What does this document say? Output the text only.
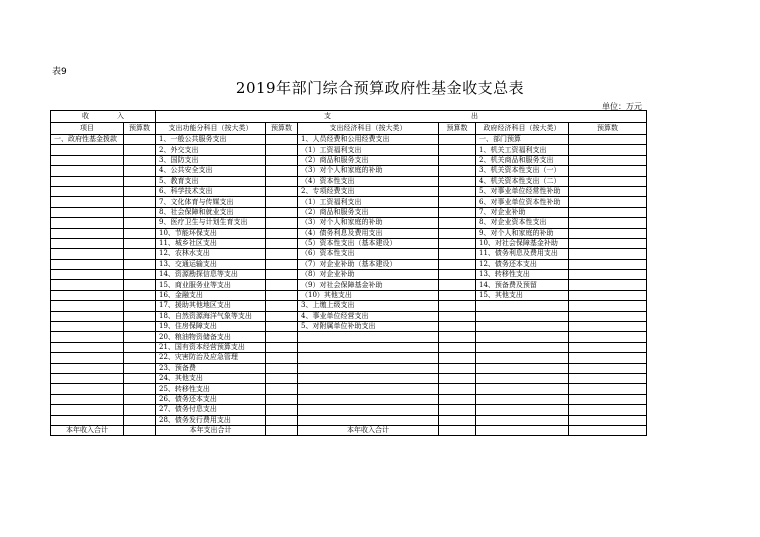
表9
2019年部门综合预算政府性基金收支总表
单位：万元
收　　　　入		支　　　　　　　　　　　　　　　　　　　　出					
项目	预算数	支出功能分科目（按大类）	预算数	支出经济科目（按大类）	预算数	政府经济科目（按大类）	预算数
一、政府性基金拨款		1、一般公共服务支出		1、人员经费和公用经费支出		一、部门预算	
		2、外交支出		（1）工资福利支出		1、机关工资福利支出	
		3、国防支出		（2）商品和服务支出		2、机关商品和服务支出	
		4、公共安全支出		（3）对个人和家庭的补助		3、机关资本性支出（一）	
		5、教育支出		（4）资本性支出		4、机关资本性支出（二）	
		6、科学技术支出		2、专项经费支出		5、对事业单位经常性补助	
		7、文化体育与传媒支出		（1）工资福利支出		6、对事业单位资本性补助	
		8、社会保障和就业支出		（2）商品和服务支出		7、对企业补助	
		9、医疗卫生与计划生育支出		（3）对个人和家庭的补助		8、对企业资本性支出	
		10、节能环保支出		（4）债务利息及费用支出		9、对个人和家庭的补助	
		11、城乡社区支出		（5）资本性支出（基本建设）		10、对社会保障基金补助	
		12、农林水支出		（6）资本性支出		11、债务利息及费用支出	
		13、交通运输支出		（7）对企业补助（基本建设）		12、债务还本支出	
		14、资源勘探信息等支出		（8）对企业补助		13、转移性支出	
		15、商业服务业等支出		（9）对社会保障基金补助		14、预备费及预留	
		16、金融支出		（10）其他支出		15、其他支出	
		17、援助其他地区支出		3、上缴上级支出			
		18、自然资源海洋气象等支出		4、事业单位经营支出			
		19、住房保障支出		5、对附属单位补助支出			
		20、粮油物资储备支出					
		21、国有资本经营预算支出					
		22、灾害防治及应急管理					
		23、预备费					
		24、其他支出					
		25、转移性支出					
		26、债务还本支出					
		27、债务付息支出					
		28、债务发行费用支出					
本年收入合计		本年支出合计		本年收入合计			
